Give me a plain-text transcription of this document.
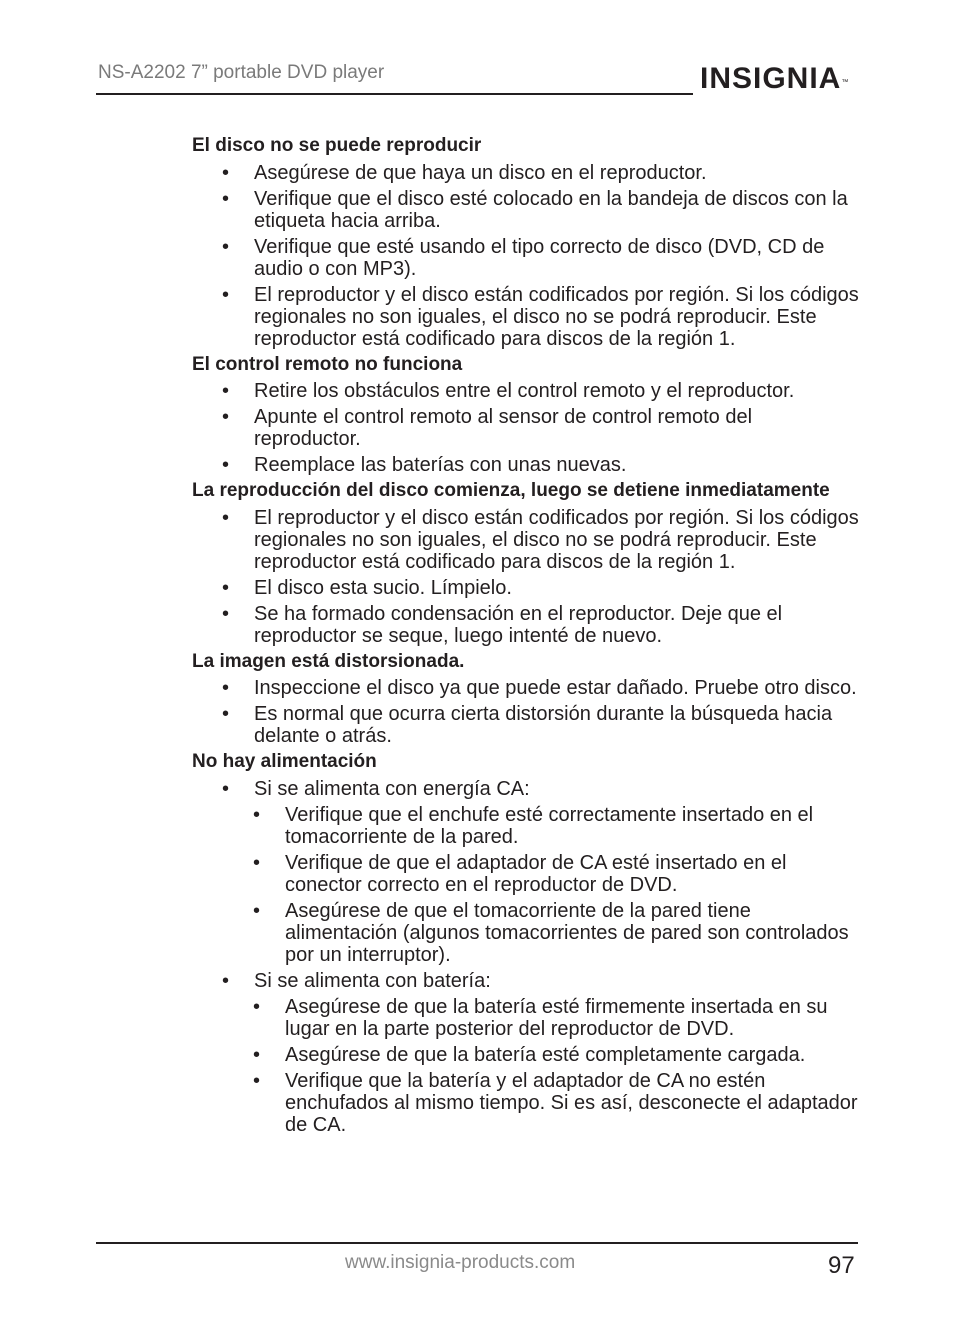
NS-A2202 7” portable DVD player	INSIGNIA™
El disco no se puede reproducir
• Asegúrese de que haya un disco en el reproductor.
• Verifique que el disco esté colocado en la bandeja de discos con la etiqueta hacia arriba.
• Verifique que esté usando el tipo correcto de disco (DVD, CD de audio o con MP3).
• El reproductor y el disco están codificados por región. Si los códigos regionales no son iguales, el disco no se podrá reproducir. Este reproductor está codificado para discos de la región 1.
El control remoto no funciona
• Retire los obstáculos entre el control remoto y el reproductor.
• Apunte el control remoto al sensor de control remoto del reproductor.
• Reemplace las baterías con unas nuevas.
La reproducción del disco comienza, luego se detiene inmediatamente
• El reproductor y el disco están codificados por región. Si los códigos regionales no son iguales, el disco no se podrá reproducir. Este reproductor está codificado para discos de la región 1.
• El disco esta sucio. Límpielo.
• Se ha formado condensación en el reproductor. Deje que el reproductor se seque, luego intenté de nuevo.
La imagen está distorsionada.
• Inspeccione el disco ya que puede estar dañado. Pruebe otro disco.
• Es normal que ocurra cierta distorsión durante la búsqueda hacia delante o atrás.
No hay alimentación
• Si se alimenta con energía CA:
• Verifique que el enchufe esté correctamente insertado en el tomacorriente de la pared.
• Verifique de que el adaptador de CA esté insertado en el conector correcto en el reproductor de DVD.
• Asegúrese de que el tomacorriente de la pared tiene alimentación (algunos tomacorrientes de pared son controlados por un interruptor).
• Si se alimenta con batería:
• Asegúrese de que la batería esté firmemente insertada en su lugar en la parte posterior del reproductor de DVD.
• Asegúrese de que la batería esté completamente cargada.
• Verifique que la batería y el adaptador de CA no estén enchufados al mismo tiempo. Si es así, desconecte el adaptador de CA.
www.insignia-products.com	97
